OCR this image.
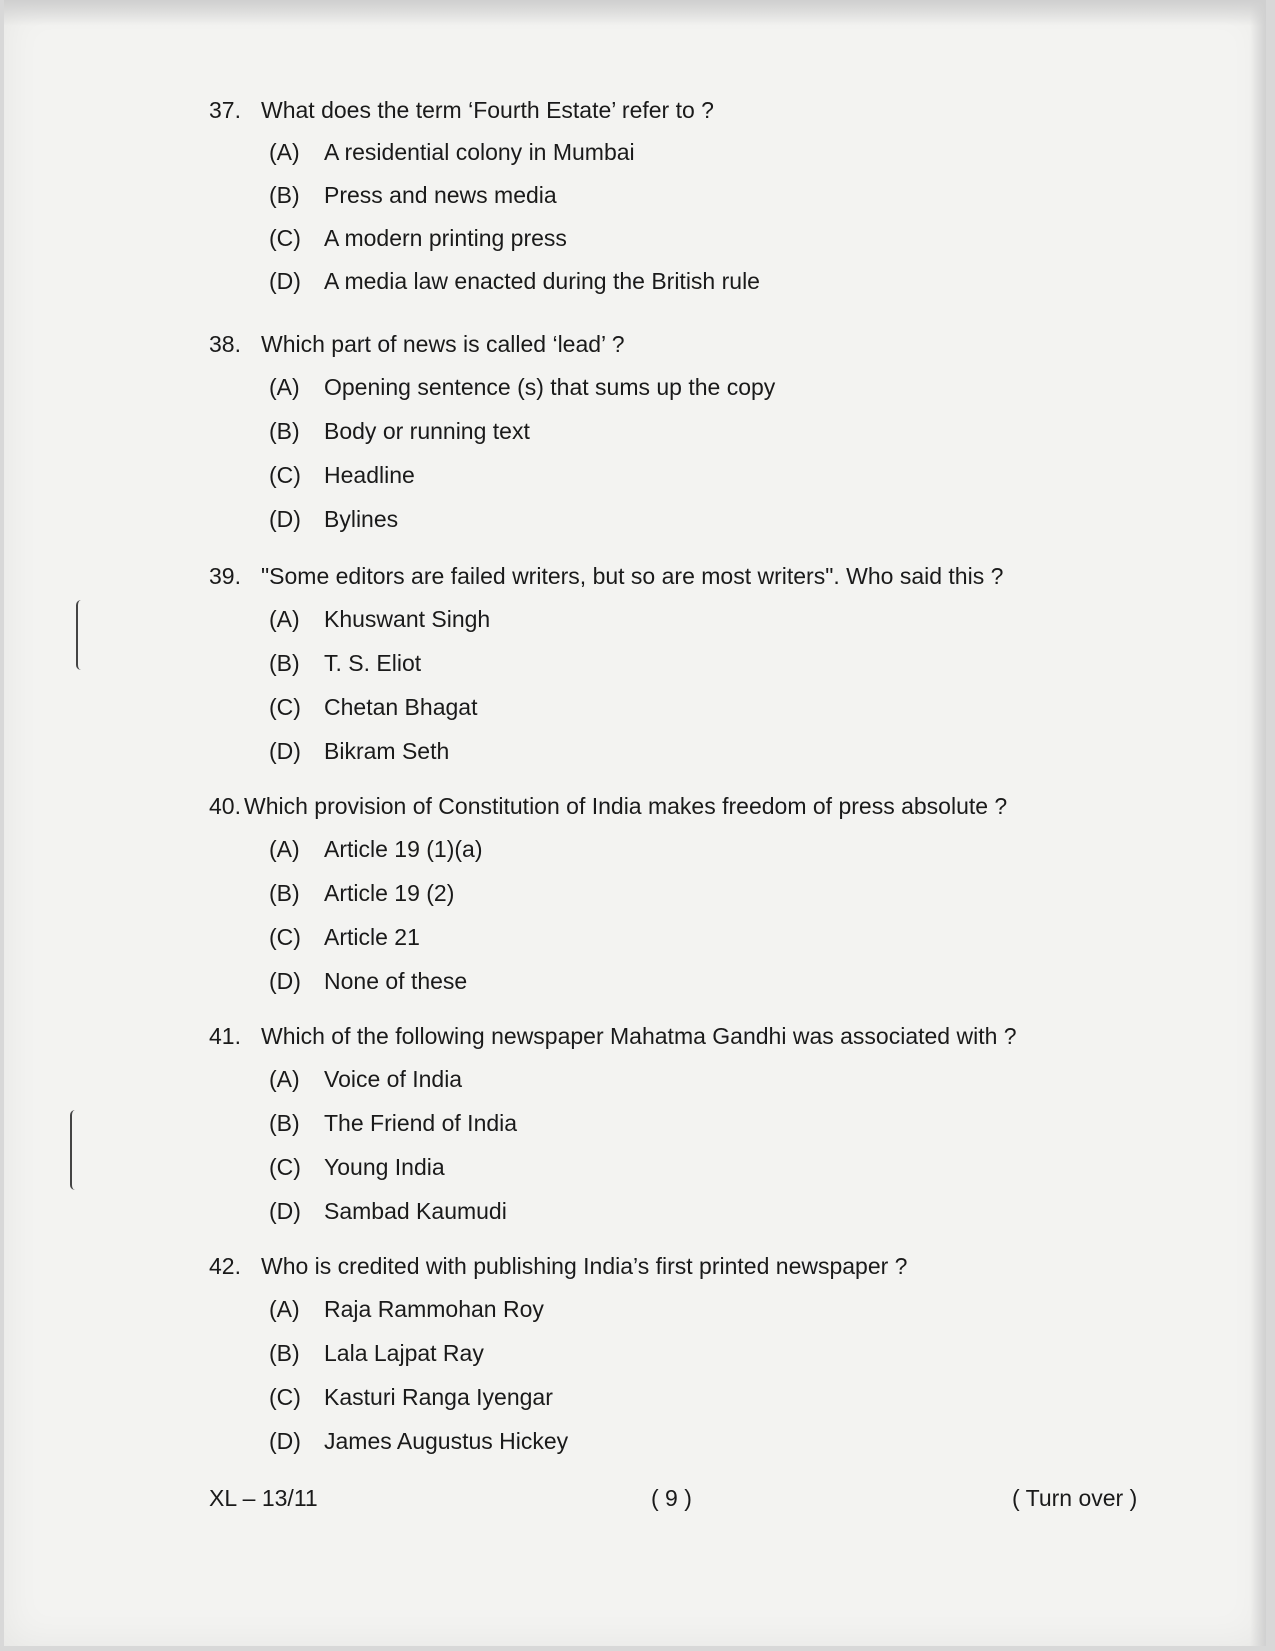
37. What does the term ‘Fourth Estate’ refer to ?
(A)	A residential colony in Mumbai
(B)	Press and news media
(C)	A modern printing press
(D)	A media law enacted during the British rule
38. Which part of news is called ‘lead’ ?
(A)	Opening sentence (s) that sums up the copy
(B)	Body or running text
(C)	Headline
(D)	Bylines
39. "Some editors are failed writers, but so are most writers". Who said this ?
(A)	Khuswant Singh
(B)	T. S. Eliot
(C)	Chetan Bhagat
(D)	Bikram Seth
40. Which provision of Constitution of India makes freedom of press absolute ?
(A)	Article 19 (1)(a)
(B)	Article 19 (2)
(C)	Article 21
(D)	None of these
41. Which of the following newspaper Mahatma Gandhi was associated with ?
(A)	Voice of India
(B)	The Friend of India
(C)	Young India
(D)	Sambad Kaumudi
42. Who is credited with publishing India’s first printed newspaper ?
(A)	Raja Rammohan Roy
(B)	Lala Lajpat Ray
(C)	Kasturi Ranga Iyengar
(D)	James Augustus Hickey
XL – 13/11	( 9 )	( Turn over )
